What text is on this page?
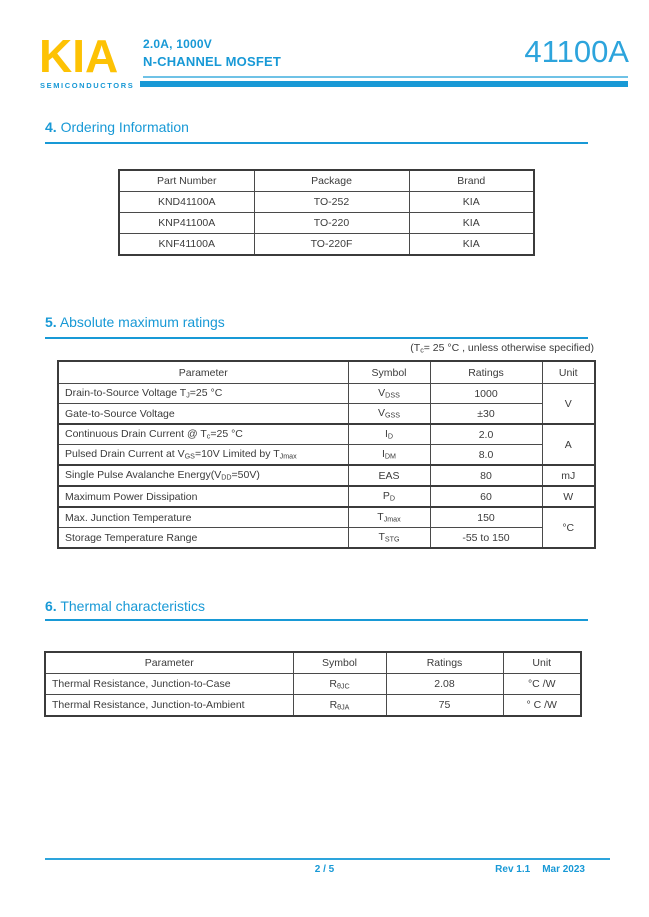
KIA
SEMICONDUCTORS
2.0A, 1000V
N-CHANNEL MOSFET	41100A
4. Ordering Information
Part Number	Package	Brand
KND41100A	TO-252	KIA
KNP41100A	TO-220	KIA
KNF41100A	TO-220F	KIA
5. Absolute maximum ratings
(Tc= 25 °C , unless otherwise specified)
Parameter	Symbol	Ratings	Unit
Drain-to-Source Voltage TJ=25 °C	VDSS	1000	V
Gate-to-Source Voltage	VGSS	±30	
Continuous Drain Current @ Tc=25 °C	ID	2.0	A
Pulsed Drain Current at VGS=10V Limited by TJmax	IDM	8.0	
Single Pulse Avalanche Energy(VDD=50V)	EAS	80	mJ
Maximum Power Dissipation	PD	60	W
Max. Junction Temperature	TJmax	150	°C
Storage Temperature Range	TSTG	-55 to 150	
6. Thermal characteristics
Parameter	Symbol	Ratings	Unit
Thermal Resistance, Junction-to-Case	RθJC	2.08	°C /W
Thermal Resistance, Junction-to-Ambient	RθJA	75	° C /W
2 / 5	Rev 1.1 Mar 2023
